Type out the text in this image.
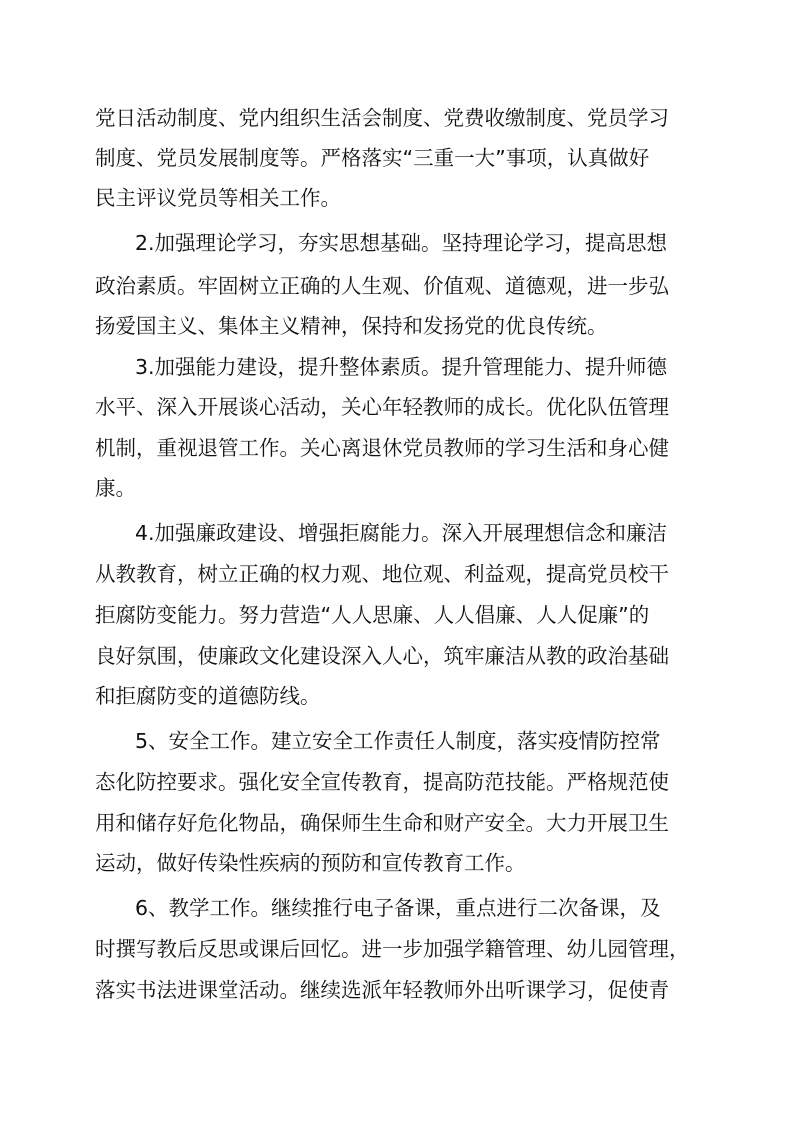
党日活动制度、党内组织生活会制度、党费收缴制度、党员学习
制度、党员发展制度等。严格落实“三重一大”事项，认真做好
民主评议党员等相关工作。
2.加强理论学习，夯实思想基础。坚持理论学习，提高思想
政治素质。牢固树立正确的人生观、价值观、道德观，进一步弘
扬爱国主义、集体主义精神，保持和发扬党的优良传统。
3.加强能力建设，提升整体素质。提升管理能力、提升师德
水平、深入开展谈心活动，关心年轻教师的成长。优化队伍管理
机制，重视退管工作。关心离退休党员教师的学习生活和身心健
康。
4.加强廉政建设、增强拒腐能力。深入开展理想信念和廉洁
从教教育，树立正确的权力观、地位观、利益观，提高党员校干
拒腐防变能力。努力营造“人人思廉、人人倡廉、人人促廉”的
良好氛围，使廉政文化建设深入人心，筑牢廉洁从教的政治基础
和拒腐防变的道德防线。
5、安全工作。建立安全工作责任人制度，落实疫情防控常
态化防控要求。强化安全宣传教育，提高防范技能。严格规范使
用和储存好危化物品，确保师生生命和财产安全。大力开展卫生
运动，做好传染性疾病的预防和宣传教育工作。
6、教学工作。继续推行电子备课，重点进行二次备课，及
时撰写教后反思或课后回忆。进一步加强学籍管理、幼儿园管理，
落实书法进课堂活动。继续选派年轻教师外出听课学习，促使青
